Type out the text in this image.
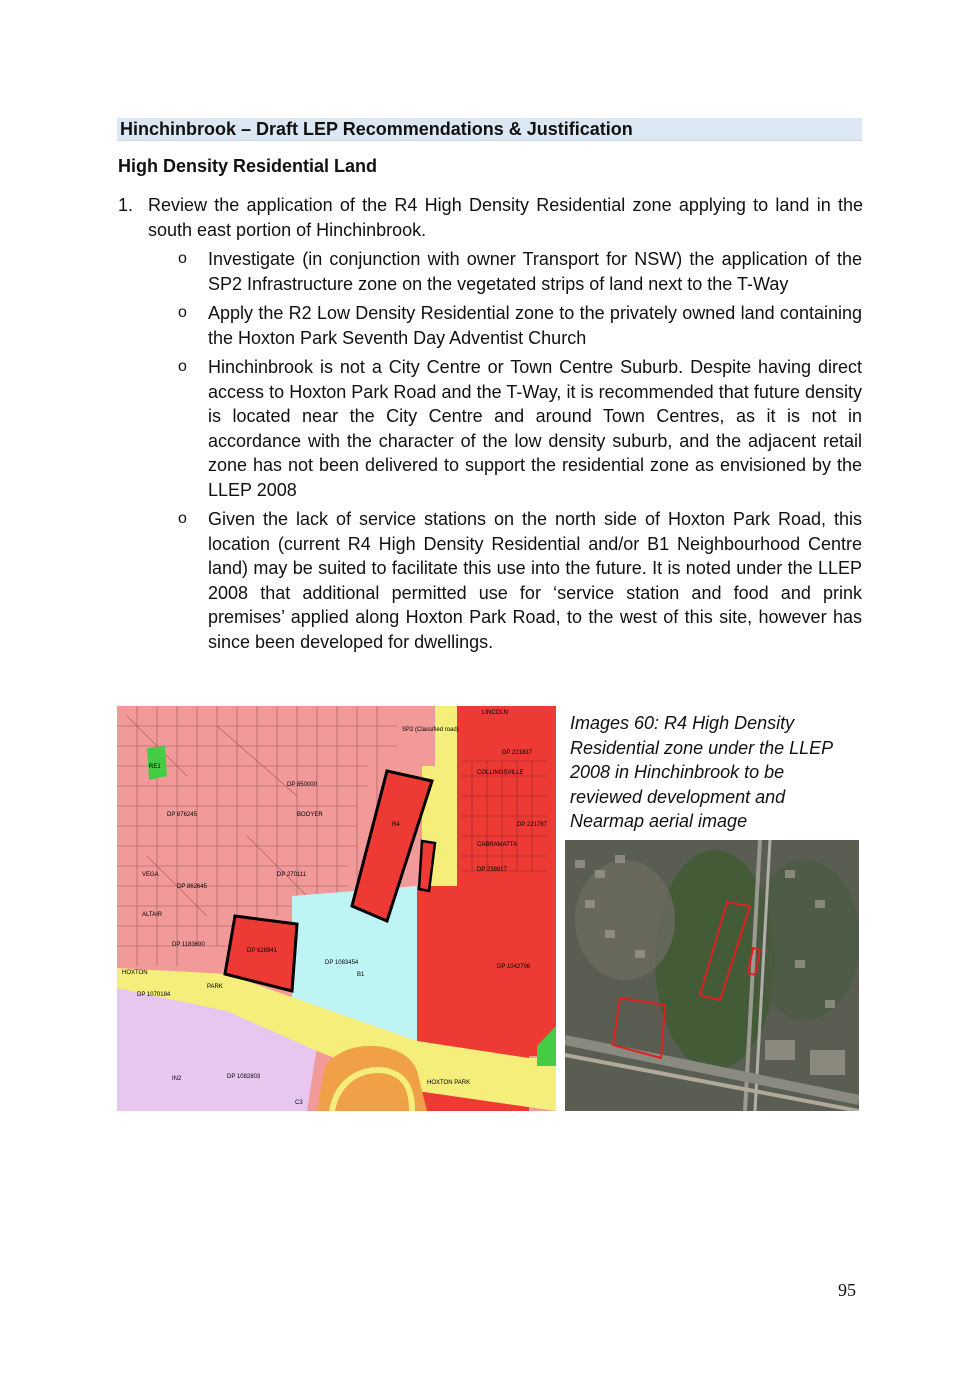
Hinchinbrook – Draft LEP Recommendations & Justification
High Density Residential Land
1. Review the application of the R4 High Density Residential zone applying to land in the south east portion of Hinchinbrook.
o Investigate (in conjunction with owner Transport for NSW) the application of the SP2 Infrastructure zone on the vegetated strips of land next to the T-Way
o Apply the R2 Low Density Residential zone to the privately owned land containing the Hoxton Park Seventh Day Adventist Church
o Hinchinbrook is not a City Centre or Town Centre Suburb. Despite having direct access to Hoxton Park Road and the T-Way, it is recommended that future density is located near the City Centre and around Town Centres, as it is not in accordance with the character of the low density suburb, and the adjacent retail zone has not been delivered to support the residential zone as envisioned by the LLEP 2008
o Given the lack of service stations on the north side of Hoxton Park Road, this location (current R4 High Density Residential and/or B1 Neighbourhood Centre land) may be suited to facilitate this use into the future. It is noted under the LLEP 2008 that additional permitted use for ‘service station and food and prink premises’ applied along Hoxton Park Road, to the west of this site, however has since been developed for dwellings.
SP2 (Classified road)
LINCOLN
COLLINGSVILLE
CABRAMATTA
BOOYER
VEGA
ALTAIR
HOXTON
PARK
HOXTON PARK
B1
RE1
R4
IN2
C3
DP 1083454
DP 1042706
DP 1082803
DP 1070184
DP 626941
DP 221837
DP 238917
DP 1183690
DP 862645
DP 270111
DP 221787
DP 850000
DP 876245
Images 60: R4 High Density Residential zone under the LLEP 2008 in Hinchinbrook to be reviewed development and Nearmap aerial image
95
